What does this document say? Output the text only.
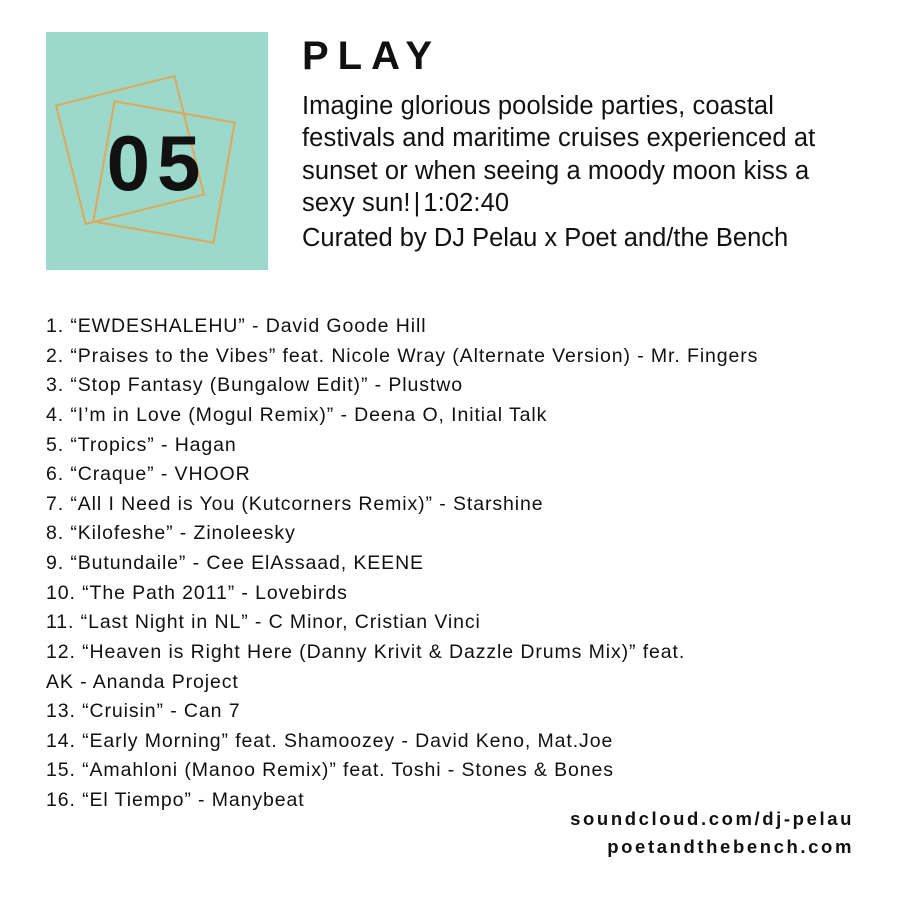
05
PLAY
Imagine glorious poolside parties, coastal festivals and maritime cruises experienced at sunset or when seeing a moody moon kiss a sexy sun! | 1:02:40
Curated by DJ Pelau x Poet and/the Bench
1. “EWDESHALEHU” - David Goode Hill
2. “Praises to the Vibes” feat. Nicole Wray (Alternate Version) - Mr. Fingers
3. “Stop Fantasy (Bungalow Edit)” - Plustwo
4. “I’m in Love (Mogul Remix)” - Deena O, Initial Talk
5. “Tropics” - Hagan
6. “Craque” - VHOOR
7. “All I Need is You (Kutcorners Remix)” - Starshine
8. “Kilofeshe” - Zinoleesky
9. “Butundaile” - Cee ElAssaad, KEENE
10. “The Path 2011” - Lovebirds
11. “Last Night in NL” - C Minor, Cristian Vinci
12. “Heaven is Right Here (Danny Krivit & Dazzle Drums Mix)” feat.
AK - Ananda Project
13. “Cruisin” - Can 7
14. “Early Morning” feat. Shamoozey - David Keno, Mat.Joe
15. “Amahloni (Manoo Remix)” feat. Toshi - Stones & Bones
16. “El Tiempo” - Manybeat
soundcloud.com/dj-pelau
poetandthebench.com
